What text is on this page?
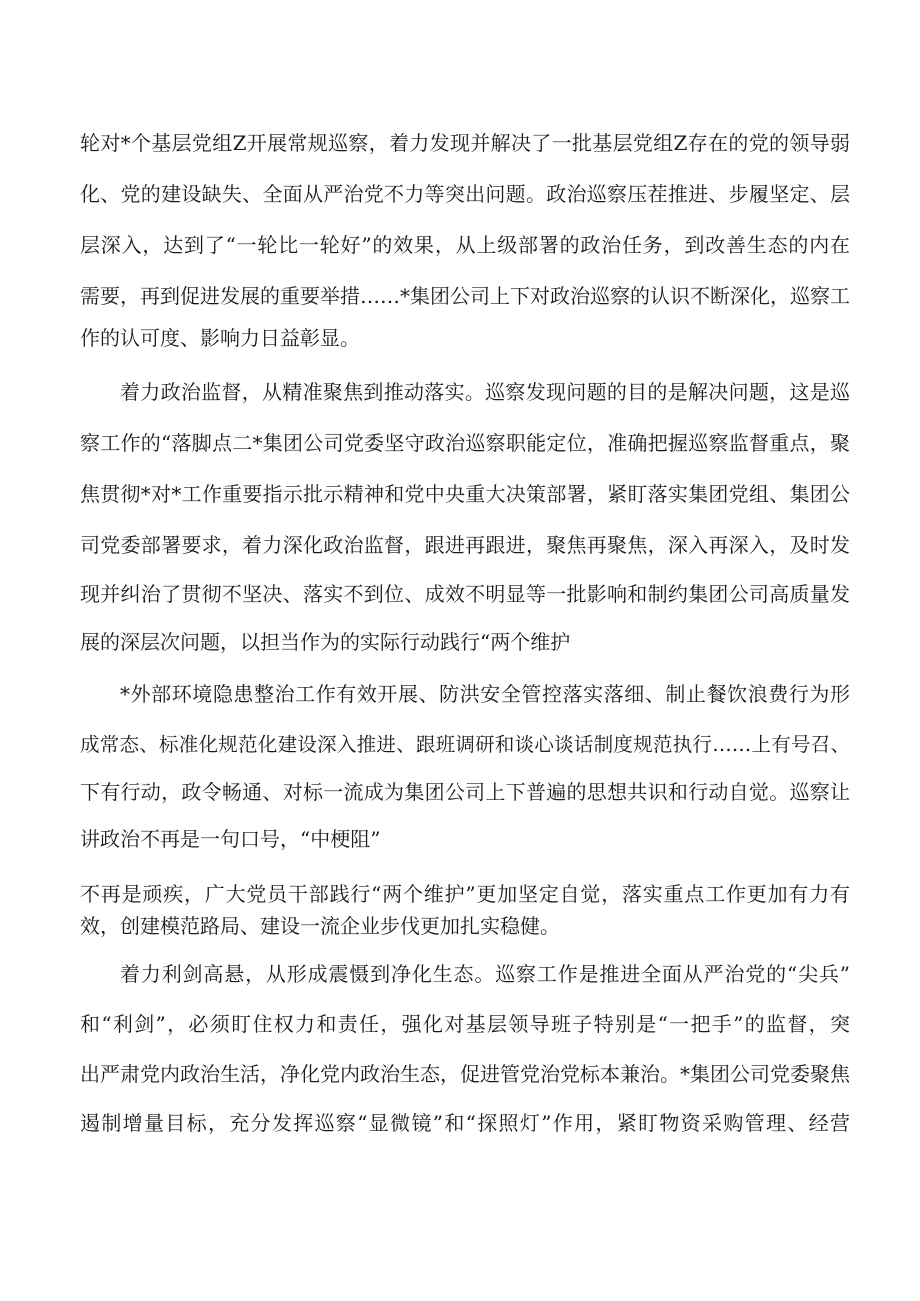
轮对*个基层党组Z开展常规巡察，着力发现并解决了一批基层党组Z存在的党的领导弱
化、党的建设缺失、全面从严治党不力等突出问题。政治巡察压茬推进、步履坚定、层
层深入，达到了“一轮比一轮好”的效果，从上级部署的政治任务，到改善生态的内在
需要，再到促进发展的重要举措……*集团公司上下对政治巡察的认识不断深化，巡察工
作的认可度、影响力日益彰显。
着力政治监督，从精准聚焦到推动落实。巡察发现问题的目的是解决问题，这是巡
察工作的“落脚点二*集团公司党委坚守政治巡察职能定位，准确把握巡察监督重点，聚
焦贯彻*对*工作重要指示批示精神和党中央重大决策部署，紧盯落实集团党组、集团公
司党委部署要求，着力深化政治监督，跟进再跟进，聚焦再聚焦，深入再深入，及时发
现并纠治了贯彻不坚决、落实不到位、成效不明显等一批影响和制约集团公司高质量发
展的深层次问题，以担当作为的实际行动践行“两个维护
*外部环境隐患整治工作有效开展、防洪安全管控落实落细、制止餐饮浪费行为形
成常态、标准化规范化建设深入推进、跟班调研和谈心谈话制度规范执行……上有号召、
下有行动，政令畅通、对标一流成为集团公司上下普遍的思想共识和行动自觉。巡察让
讲政治不再是一句口号，“中梗阻”
不再是顽疾，广大党员干部践行“两个维护”更加坚定自觉，落实重点工作更加有力有
效，创建模范路局、建设一流企业步伐更加扎实稳健。
着力利剑高悬，从形成震慑到净化生态。巡察工作是推进全面从严治党的“尖兵”
和“利剑”，必须盯住权力和责任，强化对基层领导班子特别是“一把手”的监督，突
出严肃党内政治生活，净化党内政治生态，促进管党治党标本兼治。*集团公司党委聚焦
遏制增量目标，充分发挥巡察“显微镜”和“探照灯”作用，紧盯物资采购管理、经营
